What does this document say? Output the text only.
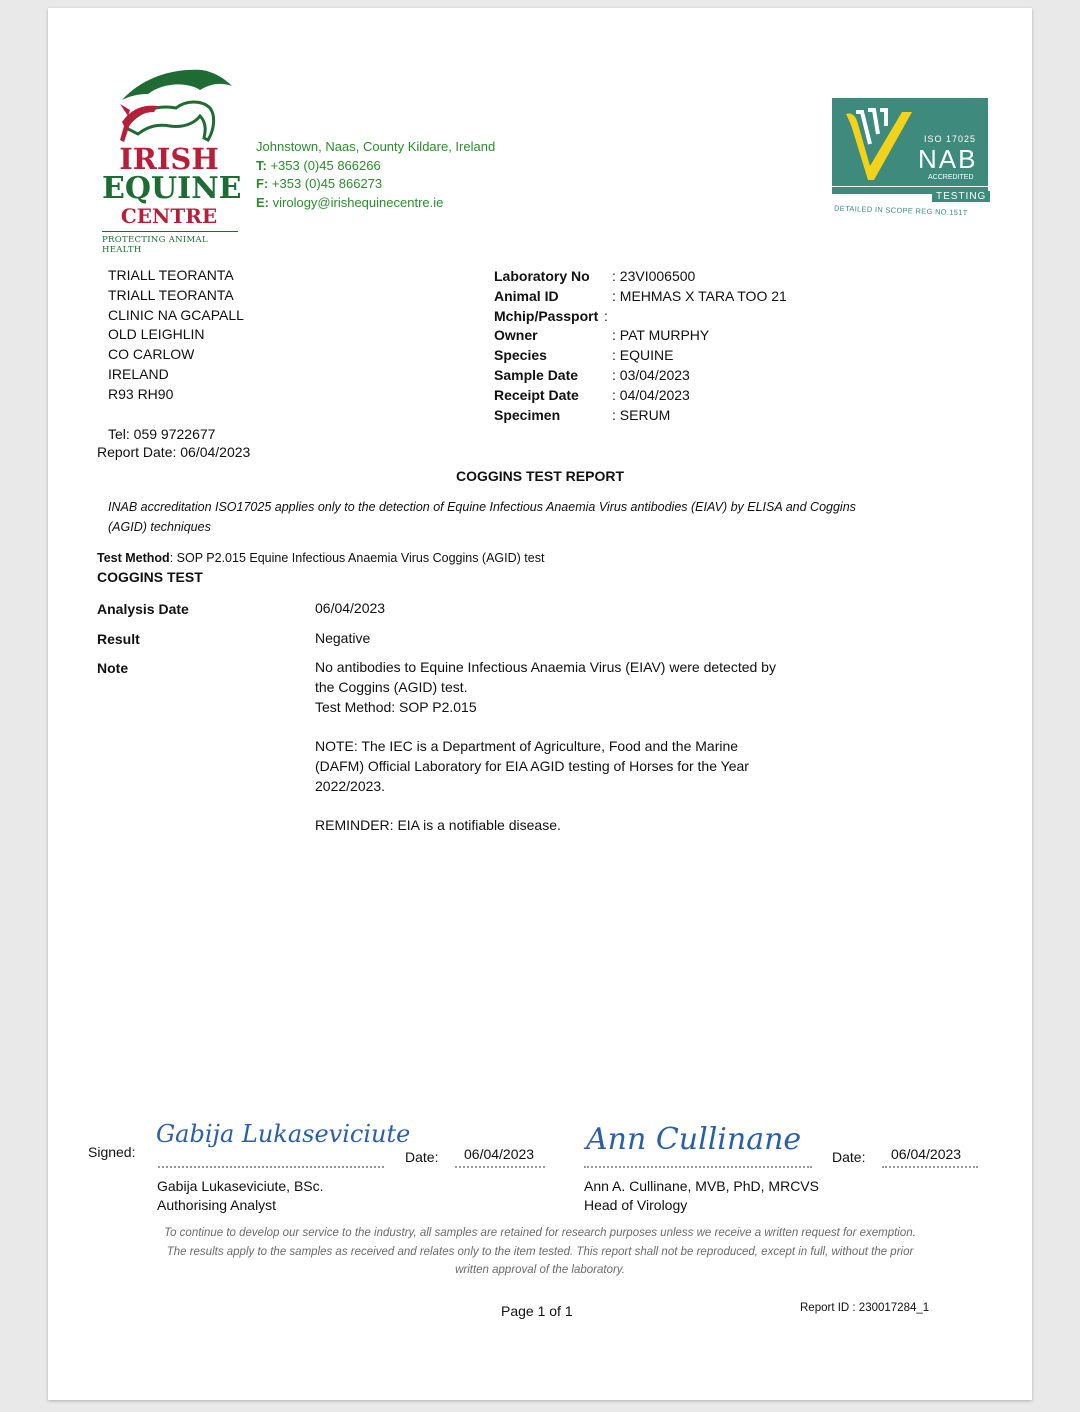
IRISH
EQUINE
CENTRE
PROTECTING ANIMAL HEALTH
Johnstown, Naas, County Kildare, Ireland
T: +353 (0)45 866266
F: +353 (0)45 866273
E: virology@irishequinecentre.ie
ISO 17025
NAB
ACCREDITED
TESTING
DETAILED IN SCOPE REG NO.151T
TRIALL TEORANTA
TRIALL TEORANTA
CLINIC NA GCAPALL
OLD LEIGHLIN
CO CARLOW
IRELAND
R93 RH90
Tel: 059 9722677
Report Date: 06/04/2023
Laboratory No	: 23VI006500
Animal ID	: MEHMAS X TARA TOO 21
Mchip/Passport :
Owner	: PAT MURPHY
Species	: EQUINE
Sample Date	: 03/04/2023
Receipt Date	: 04/04/2023
Specimen	: SERUM
COGGINS TEST REPORT
INAB accreditation ISO17025 applies only to the detection of Equine Infectious Anaemia Virus antibodies (EIAV) by ELISA and Coggins (AGID) techniques
Test Method: SOP P2.015 Equine Infectious Anaemia Virus Coggins (AGID) test
COGGINS TEST
Analysis Date	06/04/2023
Result	Negative
Note	No antibodies to Equine Infectious Anaemia Virus (EIAV) were detected by
the Coggins (AGID) test.
Test Method: SOP P2.015
NOTE: The IEC is a Department of Agriculture, Food and the Marine
(DAFM) Official Laboratory for EIA AGID testing of Horses for the Year
2022/2023.
REMINDER: EIA is a notifiable disease.
Signed:
Gabija Lukaseviciute
Gabija Lukaseviciute, BSc.
Authorising Analyst
Date: 06/04/2023 Ann Cullinane
Ann A. Cullinane, MVB, PhD, MRCVS
Head of Virology
Date: 06/04/2023
To continue to develop our service to the industry, all samples are retained for research purposes unless we receive a written request for exemption.
The results apply to the samples as received and relates only to the item tested. This report shall not be reproduced, except in full, without the prior
written approval of the laboratory.
Page 1 of 1	Report ID : 230017284_1
